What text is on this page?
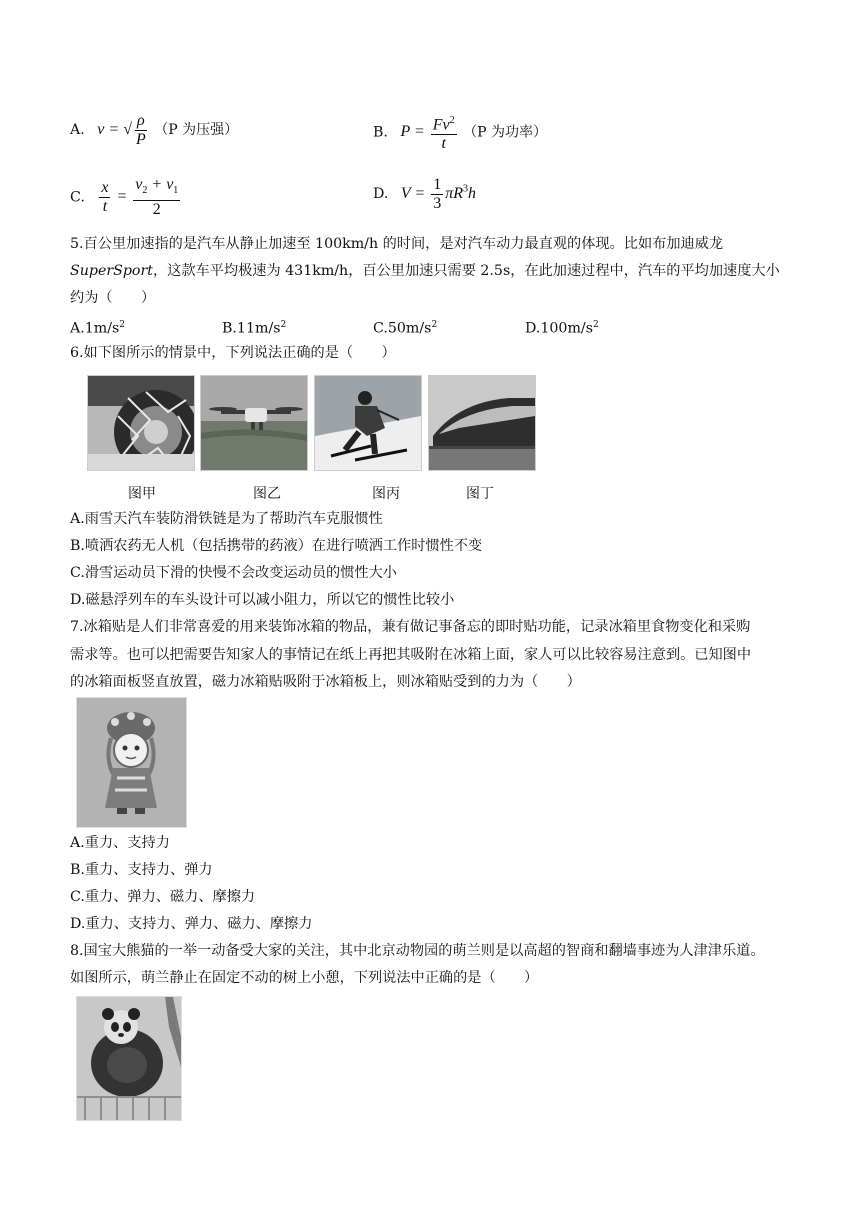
A. v = √ $\frac{\rho}{P} (P$ 为压强）	B. $P = \frac{Fv^2}{t} (P$ 为功率）
C. $\frac{x}{t} = \frac{v_2 + v_1}{2}$	D. $V = \frac{1}{3} \pi R^3h$
5.百公里加速指的是汽车从静止加速至 100km/h 的时间，是对汽车动力最直观的体现。比如布加迪威龙
SuperSport，这款车平均极速为 431km/h，百公里加速只需要 2.5s，在此加速过程中，汽车的平均加速度大小
约为（　　）
$A.1m/s^2$	$B.11m/s^2$	$C.50m/s^2$	$D.100m/s^2$
6.如下图所示的情景中，下列说法正确的是（　　）
图甲	图乙	图丙	图丁
A.雨雪天汽车装防滑铁链是为了帮助汽车克服惯性
B.喷洒农药无人机（包括携带的药液）在进行喷洒工作时惯性不变
C.滑雪运动员下滑的快慢不会改变运动员的惯性大小
D.磁悬浮列车的车头设计可以减小阻力，所以它的惯性比较小
7.冰箱贴是人们非常喜爱的用来装饰冰箱的物品，兼有做记事备忘的即时贴功能，记录冰箱里食物变化和采购
需求等。也可以把需要告知家人的事情记在纸上再把其吸附在冰箱上面，家人可以比较容易注意到。已知图中
的冰箱面板竖直放置，磁力冰箱贴吸附于冰箱板上，则冰箱贴受到的力为（　　）
A.重力、支持力
B.重力、支持力、弹力
C.重力、弹力、磁力、摩擦力
D.重力、支持力、弹力、磁力、摩擦力
8.国宝大熊猫的一举一动备受大家的关注，其中北京动物园的萌兰则是以高超的智商和翻墙事迹为人津津乐道。
如图所示，萌兰静止在固定不动的树上小憩，下列说法中正确的是（　　）
